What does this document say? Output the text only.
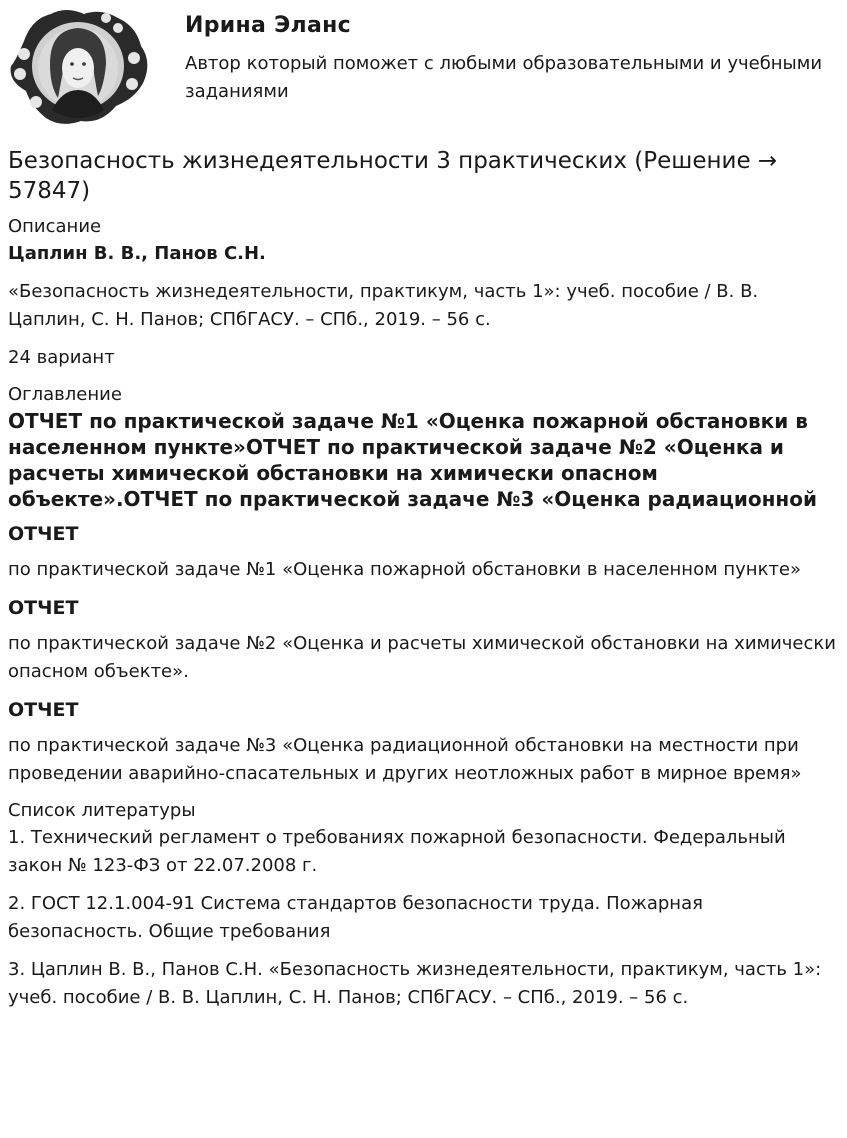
Ирина Эланс

Автор который поможет с любыми образовательными и учебными заданиями

Безопасность жизнедеятельности 3 практических (Решение → 57847)

Описание

Цаплин В. В., Панов С.Н.

«Безопасность жизнедеятельности, практикум, часть 1»: учеб. пособие / В. В. Цаплин, С. Н. Панов; СПбГАСУ. – СПб., 2019. – 56 с.

24 вариант

Оглавление

ОТЧЕТ по практической задаче №1 «Оценка пожарной обстановки в населенном пункте»ОТЧЕТ по практической задаче №2 «Оценка и расчеты химической обстановки на химически опасном объекте».ОТЧЕТ по практической задаче №3 «Оценка радиационной

ОТЧЕТ

по практической задаче №1 «Оценка пожарной обстановки в населенном пункте»

ОТЧЕТ

по практической задаче №2 «Оценка и расчеты химической обстановки на химически опасном объекте».

ОТЧЕТ

по практической задаче №3 «Оценка радиационной обстановки на местности при проведении аварийно-спасательных и других неотложных работ в мирное время»

Список литературы

1. Технический регламент о требованиях пожарной безопасности. Федеральный закон № 123-ФЗ от 22.07.2008 г.

2. ГОСТ 12.1.004-91 Система стандартов безопасности труда. Пожарная безопасность. Общие требования

3. Цаплин В. В., Панов С.Н. «Безопасность жизнедеятельности, практикум, часть 1»: учеб. пособие / В. В. Цаплин, С. Н. Панов; СПбГАСУ. – СПб., 2019. – 56 с.
